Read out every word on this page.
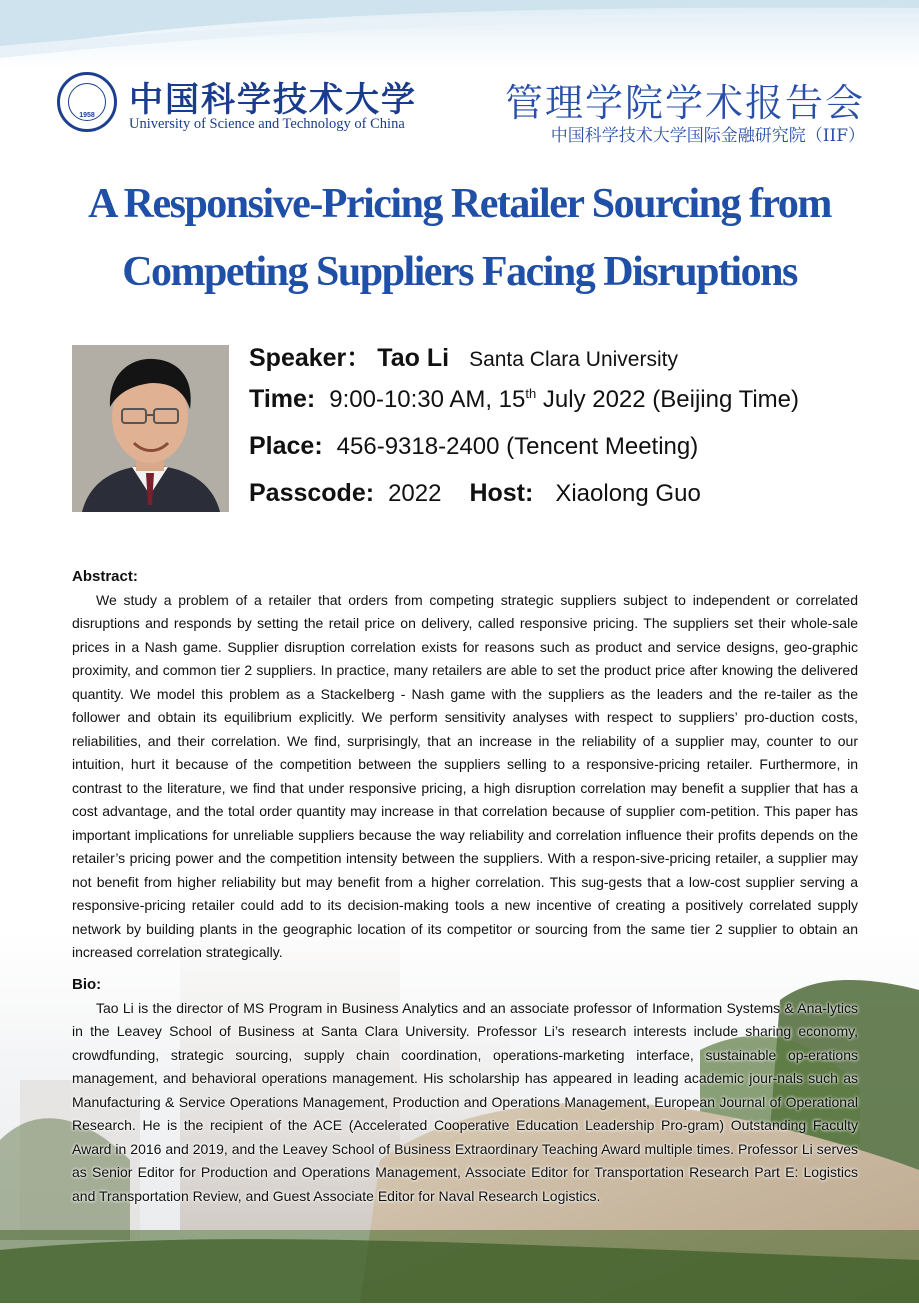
1958	中国科学技术大学
University of Science and Technology of China	管理学院学术报告会
中国科学技术大学国际金融研究院（IIF）
A Responsive-Pricing Retailer Sourcing from
Competing Suppliers Facing Disruptions
Speaker： Tao Li Santa Clara University
Time: 9:00-10:30 AM, 15th July 2022 (Beijing Time)
Place: 456-9318-2400 (Tencent Meeting)
Passcode: 2022 Host: Xiaolong Guo
Abstract:
We study a problem of a retailer that orders from competing strategic suppliers subject to independent or correlated disruptions and responds by setting the retail price on delivery, called responsive pricing. The suppliers set their whole-sale prices in a Nash game. Supplier disruption correlation exists for reasons such as product and service designs, geo-graphic proximity, and common tier 2 suppliers. In practice, many retailers are able to set the product price after knowing the delivered quantity. We model this problem as a Stackelberg - Nash game with the suppliers as the leaders and the re-tailer as the follower and obtain its equilibrium explicitly. We perform sensitivity analyses with respect to suppliers’ pro-duction costs, reliabilities, and their correlation. We find, surprisingly, that an increase in the reliability of a supplier may, counter to our intuition, hurt it because of the competition between the suppliers selling to a responsive-pricing retailer. Furthermore, in contrast to the literature, we find that under responsive pricing, a high disruption correlation may benefit a supplier that has a cost advantage, and the total order quantity may increase in that correlation because of supplier com-petition. This paper has important implications for unreliable suppliers because the way reliability and correlation influence their profits depends on the retailer’s pricing power and the competition intensity between the suppliers. With a respon-sive-pricing retailer, a supplier may not benefit from higher reliability but may benefit from a higher correlation. This sug-gests that a low-cost supplier serving a responsive-pricing retailer could add to its decision-making tools a new incentive of creating a positively correlated supply network by building plants in the geographic location of its competitor or sourcing from the same tier 2 supplier to obtain an increased correlation strategically.
Bio:
Tao Li is the director of MS Program in Business Analytics and an associate professor of Information Systems & Ana-lytics in the Leavey School of Business at Santa Clara University. Professor Li’s research interests include sharing economy, crowdfunding, strategic sourcing, supply chain coordination, operations-marketing interface, sustainable op-erations management, and behavioral operations management. His scholarship has appeared in leading academic jour-nals such as Manufacturing & Service Operations Management, Production and Operations Management, European Journal of Operational Research. He is the recipient of the ACE (Accelerated Cooperative Education Leadership Pro-gram) Outstanding Faculty Award in 2016 and 2019, and the Leavey School of Business Extraordinary Teaching Award multiple times. Professor Li serves as Senior Editor for Production and Operations Management, Associate Editor for Transportation Research Part E: Logistics and Transportation Review, and Guest Associate Editor for Naval Research Logistics.
